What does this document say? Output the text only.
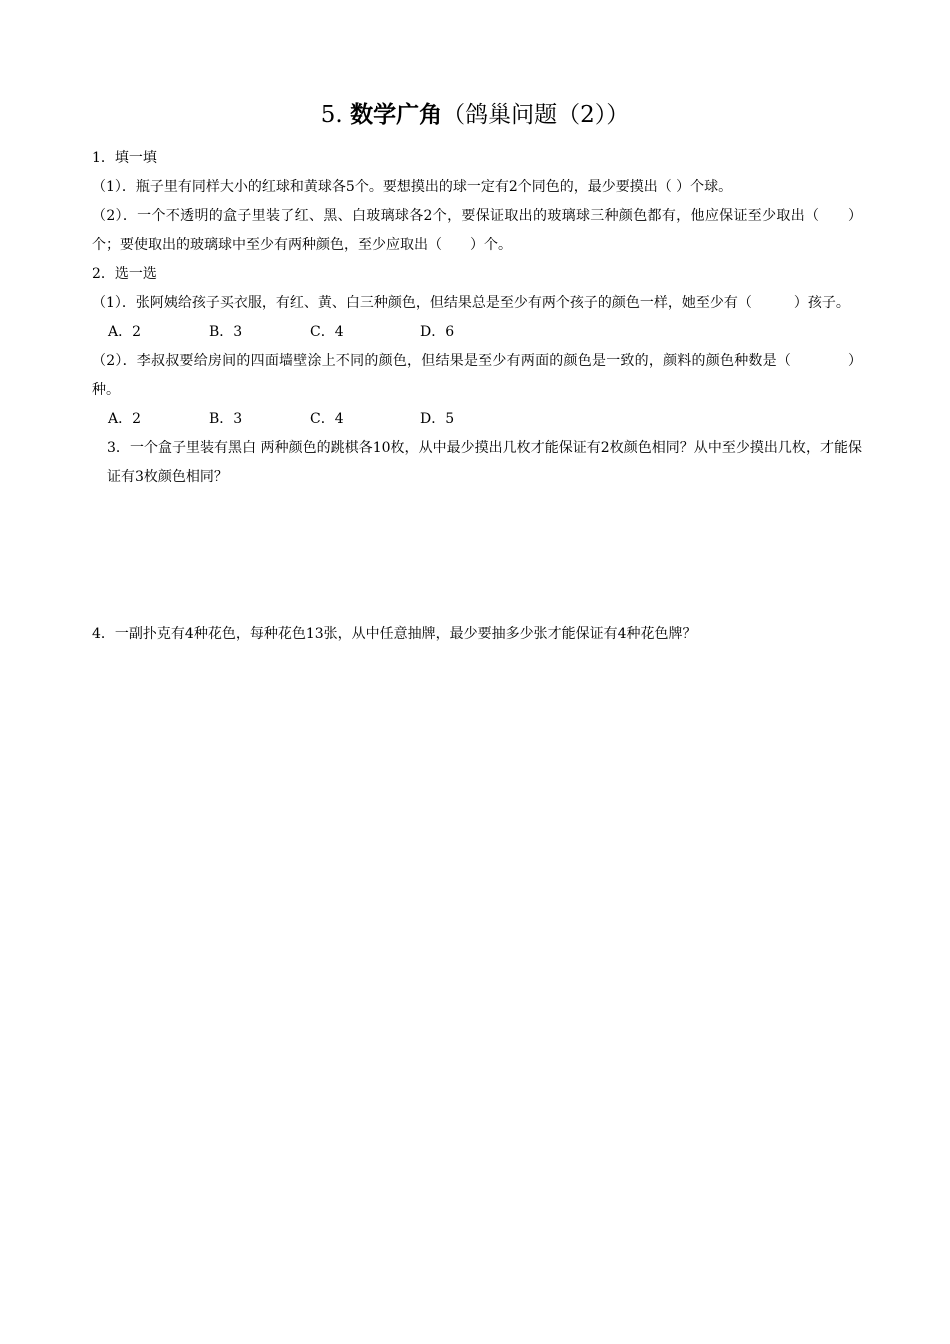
5. 数学广角（鸽巢问题（2））
1．填一填
（1）．瓶子里有同样大小的红球和黄球各5个。要想摸出的球一定有2个同色的，最少要摸出（ ）个球。
（2）．一个不透明的盒子里装了红、黑、白玻璃球各2个，要保证取出的玻璃球三种颜色都有，他应保证至少取出（　　）个；要使取出的玻璃球中至少有两种颜色，至少应取出（　　）个。
2．选一选
（1）．张阿姨给孩子买衣服，有红、黄、白三种颜色，但结果总是至少有两个孩子的颜色一样，她至少有（　　　）孩子。
A．2	B．3	C．4	D．6
（2）．李叔叔要给房间的四面墙壁涂上不同的颜色，但结果是至少有两面的颜色是一致的，颜料的颜色种数是（　　　　）种。
A．2	B．3	C．4	D．5
3．一个盒子里装有黑白 两种颜色的跳棋各10枚，从中最少摸出几枚才能保证有2枚颜色相同？从中至少摸出几枚，才能保证有3枚颜色相同？
4．一副扑克有4种花色，每种花色13张，从中任意抽牌，最少要抽多少张才能保证有4种花色牌？
